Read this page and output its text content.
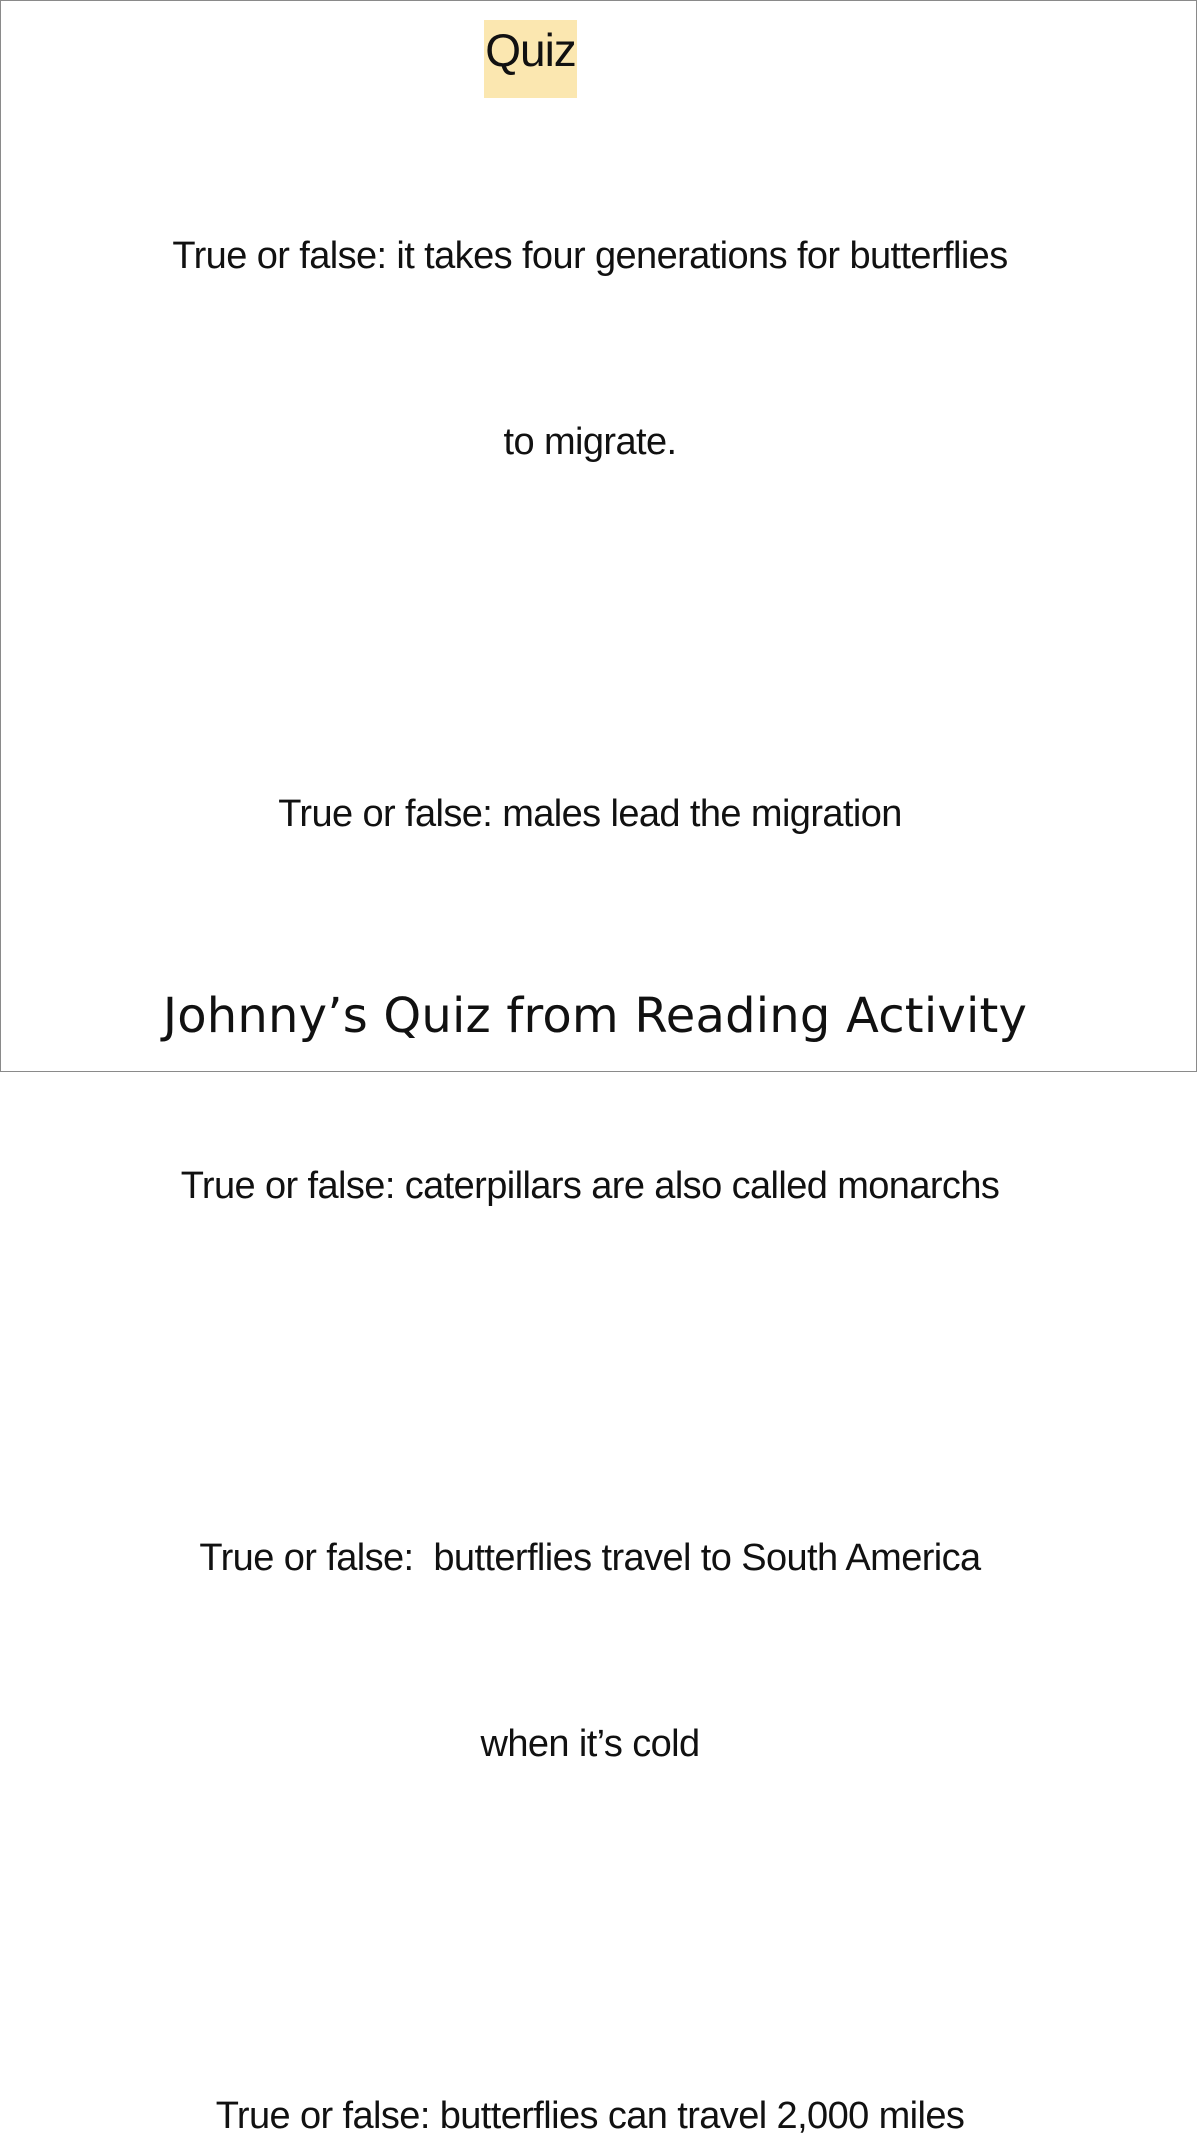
Quiz

True or false: it takes four generations for butterflies

to migrate.

True or false: males lead the migration

True or false: caterpillars are also called monarchs

True or false:  butterflies travel to South America

when it’s cold

True or false: butterflies can travel 2,000 miles

Johnny’s Quiz from Reading Activity
